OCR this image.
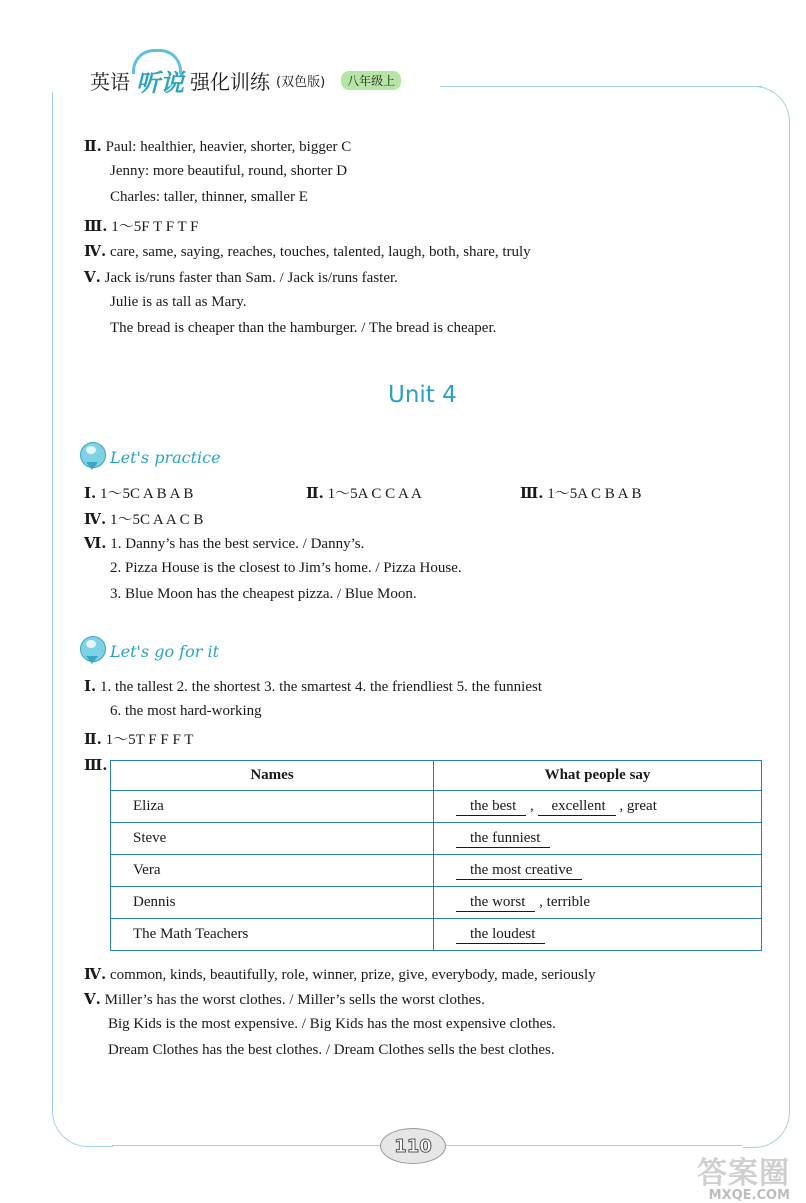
英语 听说 强化训练 (双色版)	八年级上
Ⅱ. Paul: healthier, heavier, shorter, bigger C
Jenny: more beautiful, round, shorter D
Charles: taller, thinner, smaller E
Ⅲ. 1～5F T F T F
Ⅳ. care, same, saying, reaches, touches, talented, laugh, both, share, truly
Ⅴ. Jack is/runs faster than Sam. / Jack is/runs faster.
Julie is as tall as Mary.
The bread is cheaper than the hamburger. / The bread is cheaper.
Unit 4
Let's practice
Ⅰ. 1～5C A B A B	Ⅱ. 1～5A C C A A	Ⅲ. 1～5A C B A B
Ⅳ. 1～5C A A C B
Ⅵ. 1. Danny’s has the best service. / Danny’s.
2. Pizza House is the closest to Jim’s home. / Pizza House.
3. Blue Moon has the cheapest pizza. / Blue Moon.
Let's go for it
Ⅰ. 1. the tallest 2. the shortest 3. the smartest 4. the friendliest 5. the funniest
6. the most hard-working
Ⅱ. 1～5T F F F T
Ⅲ.
Names	What people say
Eliza	the best , excellent , great
Steve	the funniest
Vera	the most creative
Dennis	the worst , terrible
The Math Teachers	the loudest
Ⅳ. common, kinds, beautifully, role, winner, prize, give, everybody, made, seriously
Ⅴ. Miller’s has the worst clothes. / Miller’s sells the worst clothes.
Big Kids is the most expensive. / Big Kids has the most expensive clothes.
Dream Clothes has the best clothes. / Dream Clothes sells the best clothes.
110
答案圈
MXQE.COM
